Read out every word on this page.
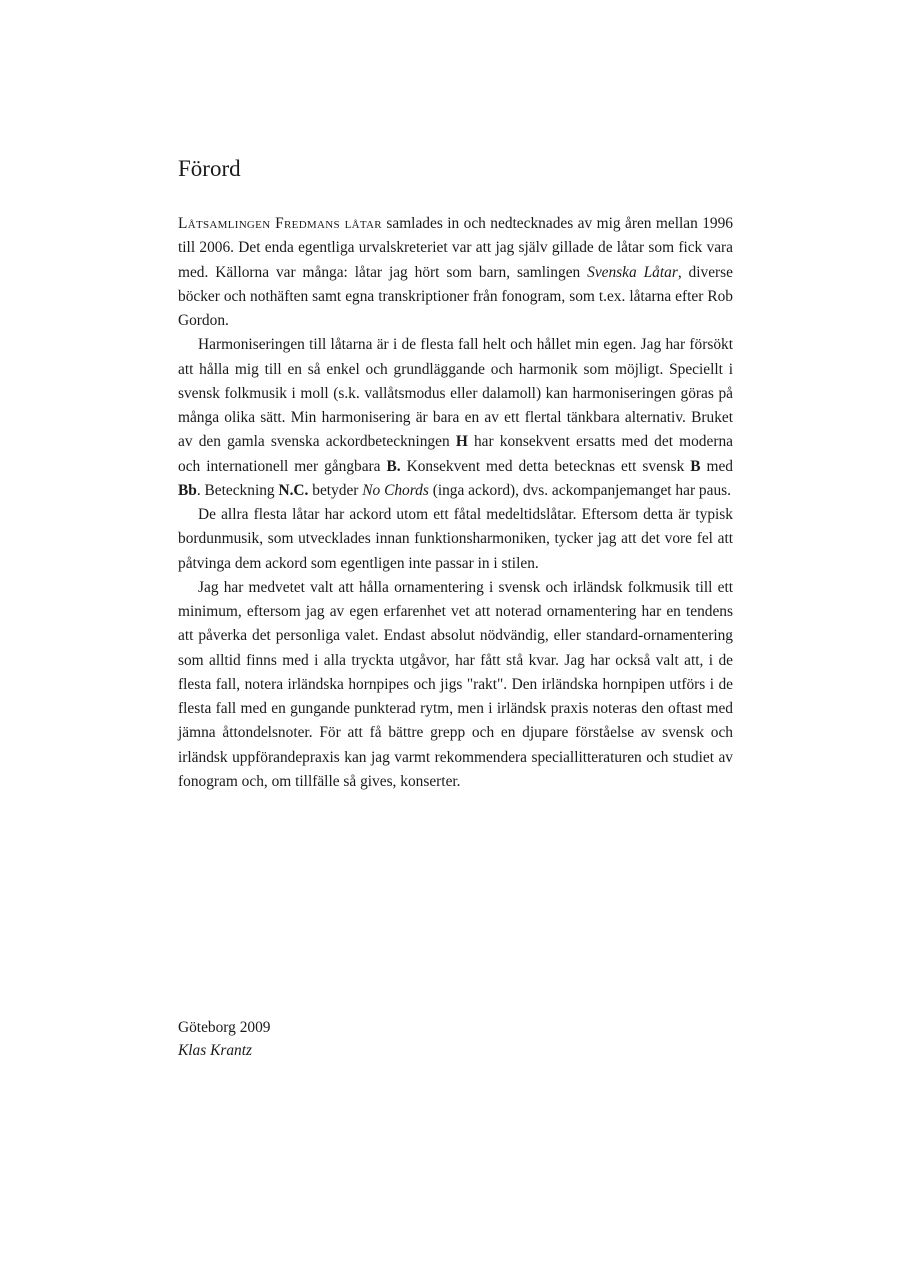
Förord

Låtsamlingen Fredmans låtar samlades in och nedtecknades av mig åren mellan 1996 till 2006. Det enda egentliga urvalskreteriet var att jag själv gillade de låtar som fick vara med. Källorna var många: låtar jag hört som barn, samlingen Svenska Låtar, diverse böcker och nothäften samt egna transkriptioner från fonogram, som t.ex. låtarna efter Rob Gordon.

Harmoniseringen till låtarna är i de flesta fall helt och hållet min egen. Jag har försökt att hålla mig till en så enkel och grundläggande och harmonik som möjligt. Speciellt i svensk folkmusik i moll (s.k. vallåtsmodus eller dalamoll) kan harmoniseringen göras på många olika sätt. Min harmonisering är bara en av ett flertal tänkbara alternativ. Bruket av den gamla svenska ackordbeteckningen H har konsekvent ersatts med det moderna och internationell mer gångbara B. Konsekvent med detta betecknas ett svensk B med Bb. Beteckning N.C. betyder No Chords (inga ackord), dvs. ackompanjemanget har paus.

De allra flesta låtar har ackord utom ett fåtal medeltidslåtar. Eftersom detta är typisk bordunmusik, som utvecklades innan funktionsharmoniken, tycker jag att det vore fel att påtvinga dem ackord som egentligen inte passar in i stilen.

Jag har medvetet valt att hålla ornamentering i svensk och irländsk folkmusik till ett minimum, eftersom jag av egen erfarenhet vet att noterad ornamentering har en tendens att påverka det personliga valet. Endast absolut nödvändig, eller standard-ornamentering som alltid finns med i alla tryckta utgåvor, har fått stå kvar. Jag har också valt att, i de flesta fall, notera irländska hornpipes och jigs "rakt". Den irländska hornpipen utförs i de flesta fall med en gungande punkterad rytm, men i irländsk praxis noteras den oftast med jämna åttondelsnoter. För att få bättre grepp och en djupare förståelse av svensk och irländsk uppförandepraxis kan jag varmt rekommendera speciallitteraturen och studiet av fonogram och, om tillfälle så gives, konserter.

Göteborg 2009
Klas Krantz
